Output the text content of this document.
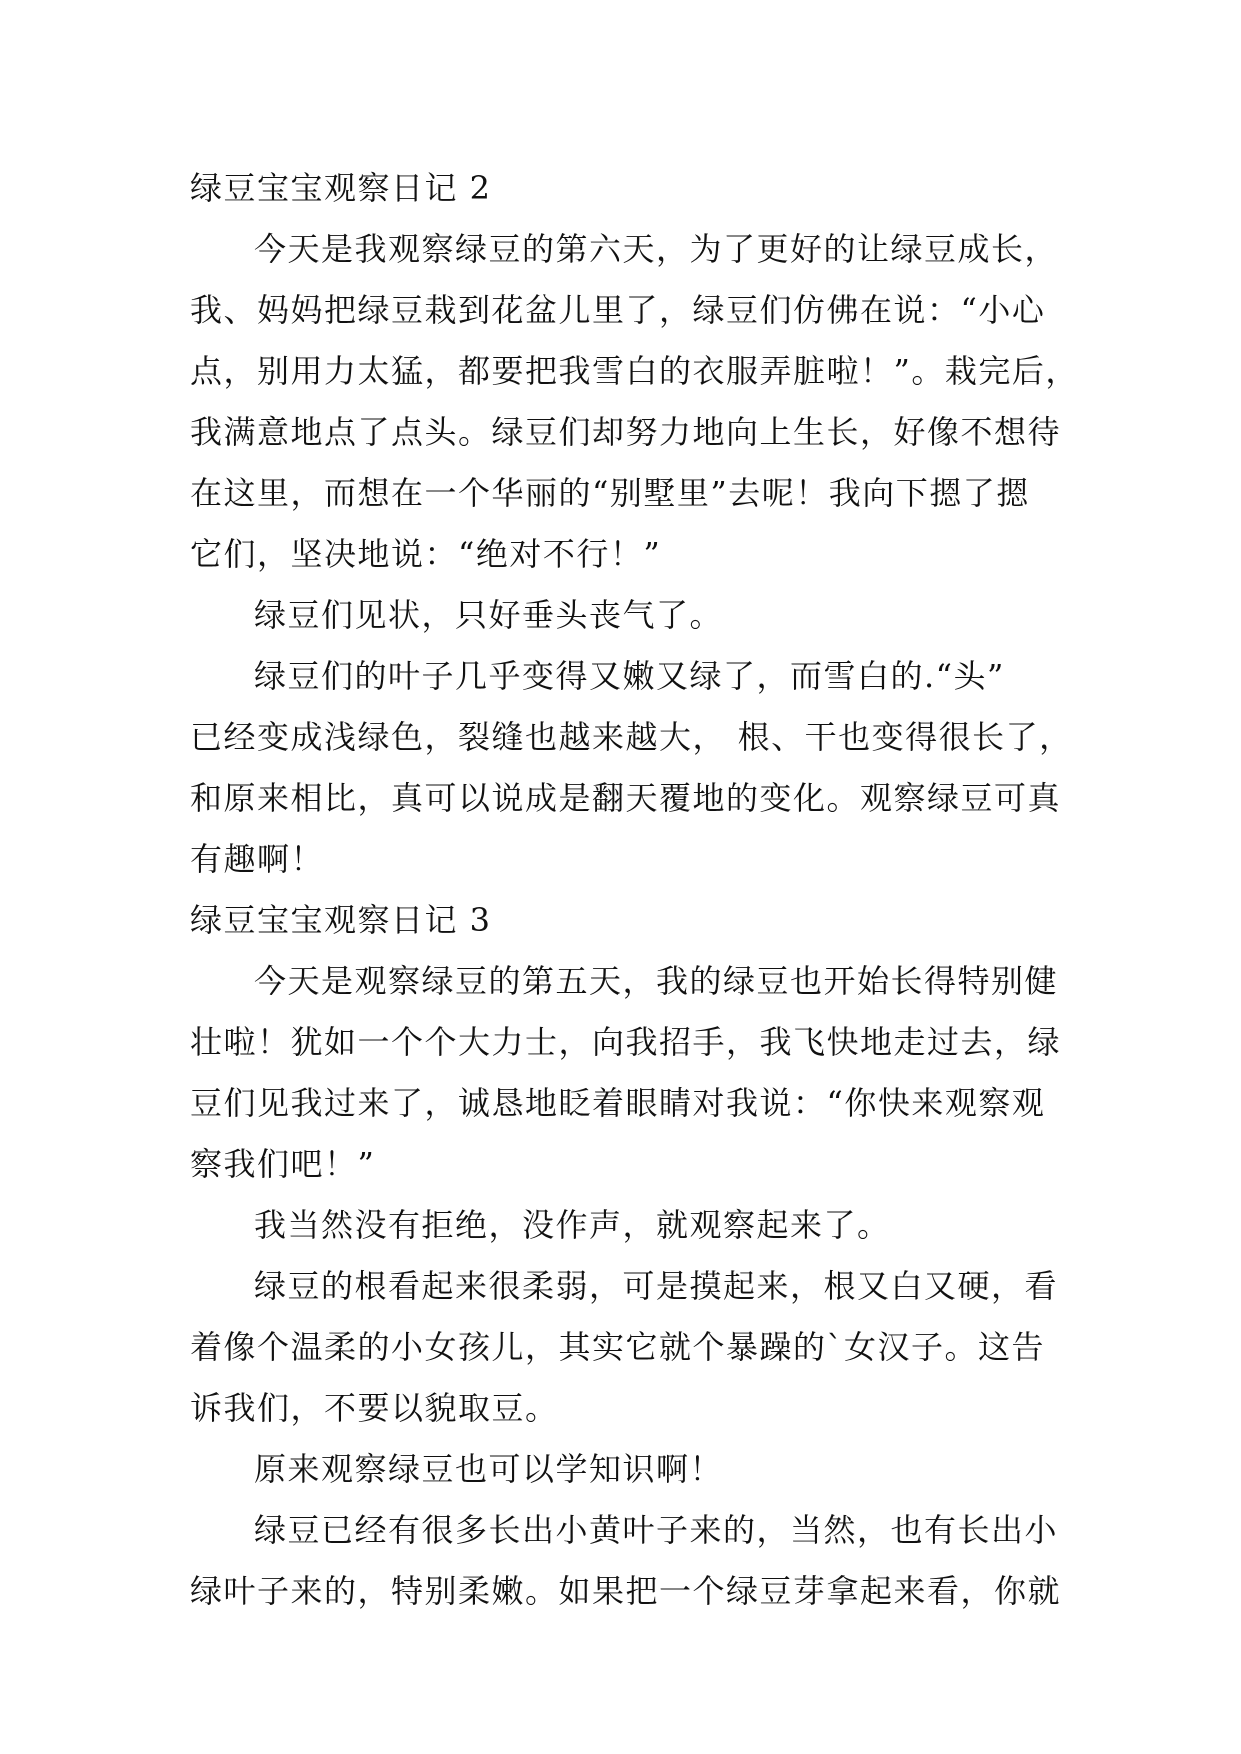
绿豆宝宝观察日记 2
今天是我观察绿豆的第六天，为了更好的让绿豆成长，
我、妈妈把绿豆栽到花盆儿里了，绿豆们仿佛在说：“小心
点，别用力太猛，都要把我雪白的衣服弄脏啦！”。栽完后，
我满意地点了点头。绿豆们却努力地向上生长，好像不想待
在这里，而想在一个华丽的“别墅里”去呢！我向下摁了摁
它们，坚决地说：“绝对不行！”
绿豆们见状，只好垂头丧气了。
绿豆们的叶子几乎变得又嫩又绿了，而雪白的.“头”
已经变成浅绿色，裂缝也越来越大， 根、干也变得很长了，
和原来相比，真可以说成是翻天覆地的变化。观察绿豆可真
有趣啊！
绿豆宝宝观察日记 3
今天是观察绿豆的第五天，我的绿豆也开始长得特别健
壮啦！犹如一个个大力士，向我招手，我飞快地走过去，绿
豆们见我过来了，诚恳地眨着眼睛对我说：“你快来观察观
察我们吧！”
我当然没有拒绝，没作声，就观察起来了。
绿豆的根看起来很柔弱，可是摸起来，根又白又硬，看
着像个温柔的小女孩儿，其实它就个暴躁的`女汉子。这告
诉我们，不要以貌取豆。
原来观察绿豆也可以学知识啊！
绿豆已经有很多长出小黄叶子来的，当然，也有长出小
绿叶子来的，特别柔嫩。如果把一个绿豆芽拿起来看，你就
